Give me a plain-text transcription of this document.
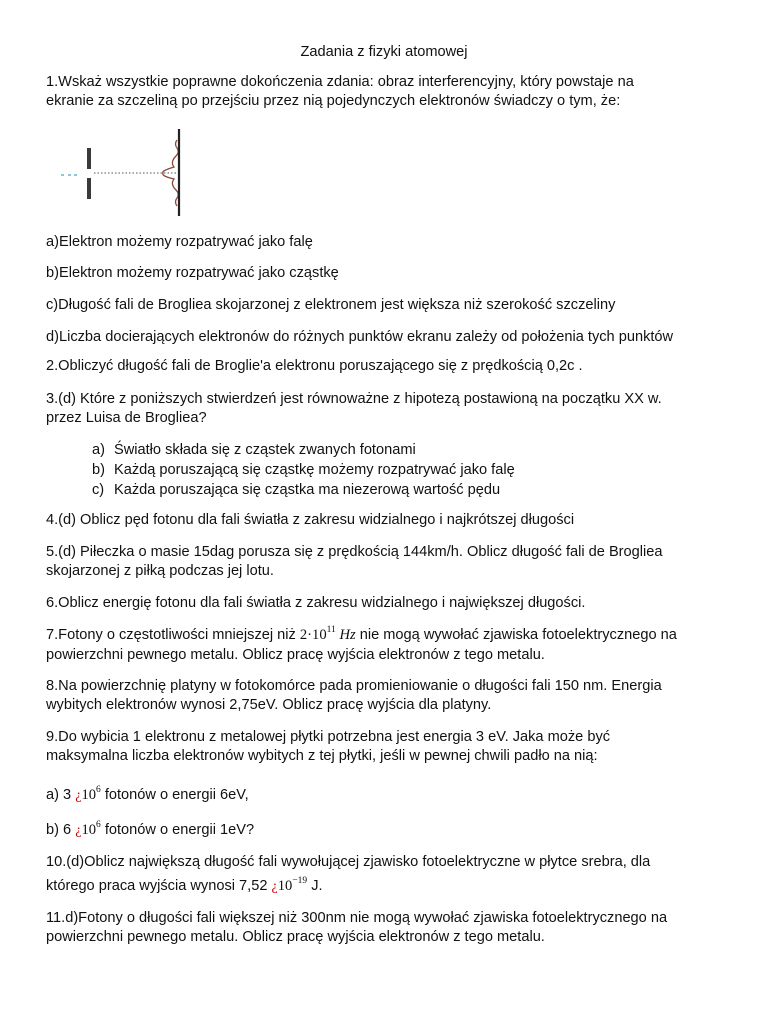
Zadania z fizyki atomowej
1.Wskaż wszystkie poprawne dokończenia zdania: obraz interferencyjny, który powstaje na
ekranie za szczeliną po przejściu przez nią pojedynczych elektronów świadczy o tym, że:
a)Elektron możemy rozpatrywać jako falę
b)Elektron możemy rozpatrywać jako cząstkę
c)Długość fali de Brogliea skojarzonej z elektronem jest większa niż szerokość szczeliny
d)Liczba docierających elektronów do różnych punktów ekranu zależy od położenia tych punktów
2.Obliczyć długość fali de Broglie'a elektronu poruszającego się z prędkością 0,2c .
3.(d) Które z poniższych stwierdzeń jest równoważne z hipotezą postawioną na początku XX w.
przez Luisa de Brogliea?
a) Światło składa się z cząstek zwanych fotonami
b) Każdą poruszającą się cząstkę możemy rozpatrywać jako falę
c) Każda poruszająca się cząstka ma niezerową wartość pędu
4.(d) Oblicz pęd fotonu dla fali światła z zakresu widzialnego i najkrótszej długości
5.(d) Piłeczka o masie 15dag porusza się z prędkością 144km/h. Oblicz długość fali de Brogliea
skojarzonej z piłką podczas jej lotu.
6.Oblicz energię fotonu dla fali światła z zakresu widzialnego i największej długości.
7.Fotony o częstotliwości mniejszej niż $2\cdot 10^{11}$ Hz nie mogą wywołać zjawiska fotoelektrycznego na
powierzchni pewnego metalu. Oblicz pracę wyjścia elektronów z tego metalu.
8.Na powierzchnię platyny w fotokomórce pada promieniowanie o długości fali 150 nm. Energia
wybitych elektronów wynosi 2,75eV. Oblicz pracę wyjścia dla platyny.
9.Do wybicia 1 elektronu z metalowej płytki potrzebna jest energia 3 eV. Jaka może być
maksymalna liczba elektronów wybitych z tej płytki, jeśli w pewnej chwili padło na nią:
a) 3 ¿$10^6$ fotonów o energii 6eV,
b) 6 ¿$10^6$ fotonów o energii 1eV?
10.(d)Oblicz największą długość fali wywołującej zjawisko fotoelektryczne w płytce srebra, dla
którego praca wyjścia wynosi 7,52 ¿$10^{-19}$ J.
11.d)Fotony o długości fali większej niż 300nm nie mogą wywołać zjawiska fotoelektrycznego na
powierzchni pewnego metalu. Oblicz pracę wyjścia elektronów z tego metalu.
